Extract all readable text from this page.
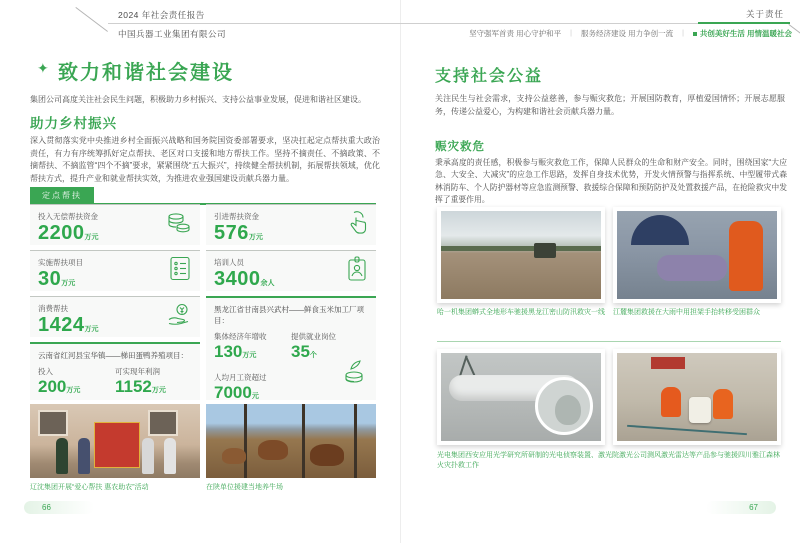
2024 年社会责任报告
中国兵器工业集团有限公司
关于责任
坚守强军首责 用心守护和平 | 服务经济建设 用力争创一流 | 共创美好生活 用情温暖社会
✦ 致力和谐社会建设
集团公司高度关注社会民生问题，积极助力乡村振兴、支持公益事业发展，促进和谐社区建设。
助力乡村振兴
深入贯彻落实党中央推进乡村全面振兴战略和国务院国资委部署要求，坚决扛起定点帮扶重大政治责任，有力有序统筹抓好定点帮扶、老区对口支援和地方帮扶工作。坚持不摘责任、不摘政策、不摘帮扶、不摘监管“四个不摘”要求，紧紧围绕“五大振兴”，持续健全帮扶机制，拓展帮扶领域，优化帮扶方式，提升产业和就业帮扶实效，为推进农业强国建设贡献兵器力量。
定点帮扶
投入无偿帮扶资金
2200万元
实施帮扶项目
30万元
消费帮扶
1424万元
云南省红河县宝华镇——梯田蛋鸭养殖项目：
投入
200万元
可实现年利润
1152万元
引进帮扶资金
576万元
培训人员
3400余人
黑龙江省甘南县兴武村——鲜食玉米加工厂项目：
集体经济年增收
130万元
提供就业岗位
35个
人均月工资超过
7000元
辽沈集团开展“爱心帮扶 惠农助农”活动	在陕单位援建当地养牛场
66
支持社会公益
关注民生与社会需求，支持公益慈善，参与赈灾救危；开展国防教育，厚植爱国情怀；开展志愿服务，传递公益爱心，为构建和谐社会贡献兵器力量。
赈灾救危
秉承高度的责任感，积极参与赈灾救危工作，保障人民群众的生命和财产安全。同时，围绕国家“大应急、大安全、大减灾”的应急工作思路，发挥自身技术优势，开发火情预警与指挥系统、中型履带式森林消防车、个人防护器材等应急监测预警、救援综合保障和预防防护及处置救援产品，在抢险救灾中发挥了重要作用。
哈一机集团蟒式全地形车驰援黑龙江密山防汛救灾一线 江麓集团救援在大雨中用担架手抬转移受困群众
光电集团西安应用光学研究所研制的光电侦察装置、激光院激光公司测风激光雷达等产品参与驰援四川雅江森林火灾扑救工作
67
